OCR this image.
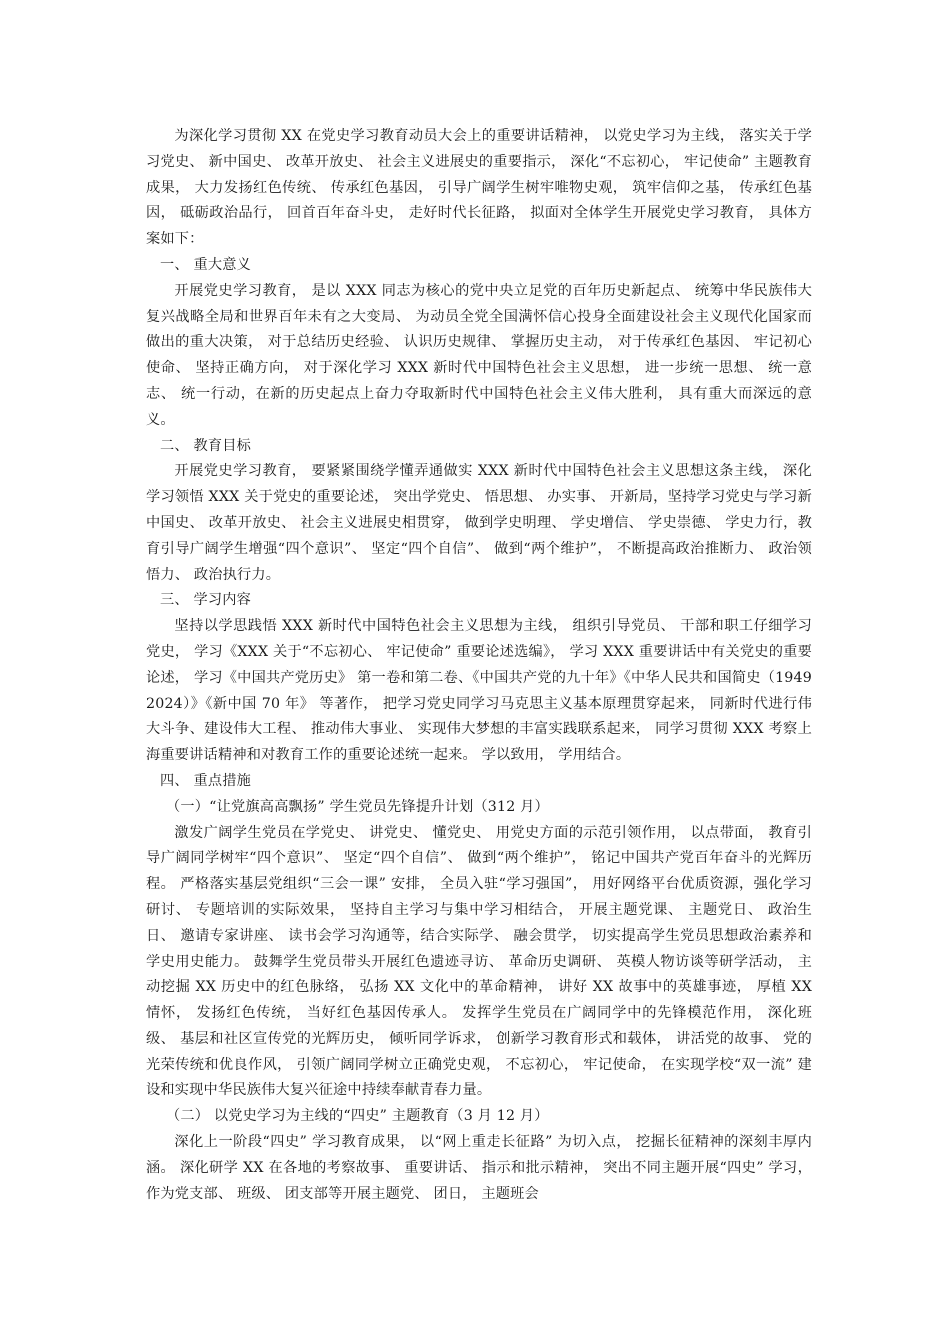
为深化学习贯彻 XX 在党史学习教育动员大会上的重要讲话精神， 以党史学习为主线， 落实关于学习党史、 新中国史、 改革开放史、 社会主义进展史的重要指示， 深化“不忘初心， 牢记使命” 主题教育成果， 大力发扬红色传统、 传承红色基因， 引导广阔学生树牢唯物史观， 筑牢信仰之基， 传承红色基因， 砥砺政治品行， 回首百年奋斗史， 走好时代长征路， 拟面对全体学生开展党史学习教育， 具体方案如下：

一、 重大意义

开展党史学习教育， 是以 XXX 同志为核心的党中央立足党的百年历史新起点、 统筹中华民族伟大复兴战略全局和世界百年未有之大变局、 为动员全党全国满怀信心投身全面建设社会主义现代化国家而做出的重大决策， 对于总结历史经验、 认识历史规律、 掌握历史主动， 对于传承红色基因、 牢记初心使命、 坚持正确方向， 对于深化学习 XXX 新时代中国特色社会主义思想， 进一步统一思想、 统一意志、 统一行动，在新的历史起点上奋力夺取新时代中国特色社会主义伟大胜利， 具有重大而深远的意义。

二、 教育目标

开展党史学习教育， 要紧紧围绕学懂弄通做实 XXX 新时代中国特色社会主义思想这条主线， 深化学习领悟 XXX 关于党史的重要论述， 突出学党史、 悟思想、 办实事、 开新局，坚持学习党史与学习新中国史、 改革开放史、 社会主义进展史相贯穿， 做到学史明理、 学史增信、 学史崇德、 学史力行，教育引导广阔学生增强“四个意识”、 坚定“四个自信”、 做到“两个维护”， 不断提高政治推断力、 政治领悟力、 政治执行力。

三、 学习内容

坚持以学思践悟 XXX 新时代中国特色社会主义思想为主线， 组织引导党员、 干部和职工仔细学习党史， 学习《XXX 关于“不忘初心、 牢记使命” 重要论述选编》， 学习 XXX 重要讲话中有关党史的重要论述， 学习《中国共产党历史》 第一卷和第二卷、《中国共产党的九十年》《中华人民共和国简史（19492024）》《新中国 70 年》 等著作， 把学习党史同学习马克思主义基本原理贯穿起来， 同新时代进行伟大斗争、建设伟大工程、 推动伟大事业、 实现伟大梦想的丰富实践联系起来， 同学习贯彻 XXX 考察上海重要讲话精神和对教育工作的重要论述统一起来。 学以致用， 学用结合。

四、 重点措施

（一）“让党旗高高飘扬” 学生党员先锋提升计划（312 月）

激发广阔学生党员在学党史、 讲党史、 懂党史、 用党史方面的示范引领作用， 以点带面， 教育引导广阔同学树牢“四个意识”、 坚定“四个自信”、 做到“两个维护”， 铭记中国共产党百年奋斗的光辉历程。 严格落实基层党组织“三会一课” 安排， 全员入驻“学习强国”， 用好网络平台优质资源，强化学习研讨、 专题培训的实际效果， 坚持自主学习与集中学习相结合， 开展主题党课、 主题党日、 政治生日、 邀请专家讲座、 读书会学习沟通等，结合实际学、 融会贯学， 切实提高学生党员思想政治素养和学史用史能力。 鼓舞学生党员带头开展红色遗迹寻访、 革命历史调研、 英模人物访谈等研学活动， 主动挖掘 XX 历史中的红色脉络， 弘扬 XX 文化中的革命精神， 讲好 XX 故事中的英雄事迹， 厚植 XX 情怀， 发扬红色传统， 当好红色基因传承人。 发挥学生党员在广阔同学中的先锋模范作用， 深化班级、 基层和社区宣传党的光辉历史， 倾听同学诉求， 创新学习教育形式和载体， 讲活党的故事、 党的光荣传统和优良作风， 引领广阔同学树立正确党史观， 不忘初心， 牢记使命， 在实现学校“双一流” 建设和实现中华民族伟大复兴征途中持续奉献青春力量。

（二） 以党史学习为主线的“四史” 主题教育（3 月 12 月）

深化上一阶段“四史” 学习教育成果， 以“网上重走长征路” 为切入点， 挖掘长征精神的深刻丰厚内涵。 深化研学 XX 在各地的考察故事、 重要讲话、 指示和批示精神， 突出不同主题开展“四史” 学习， 作为党支部、 班级、 团支部等开展主题党、 团日， 主题班会
